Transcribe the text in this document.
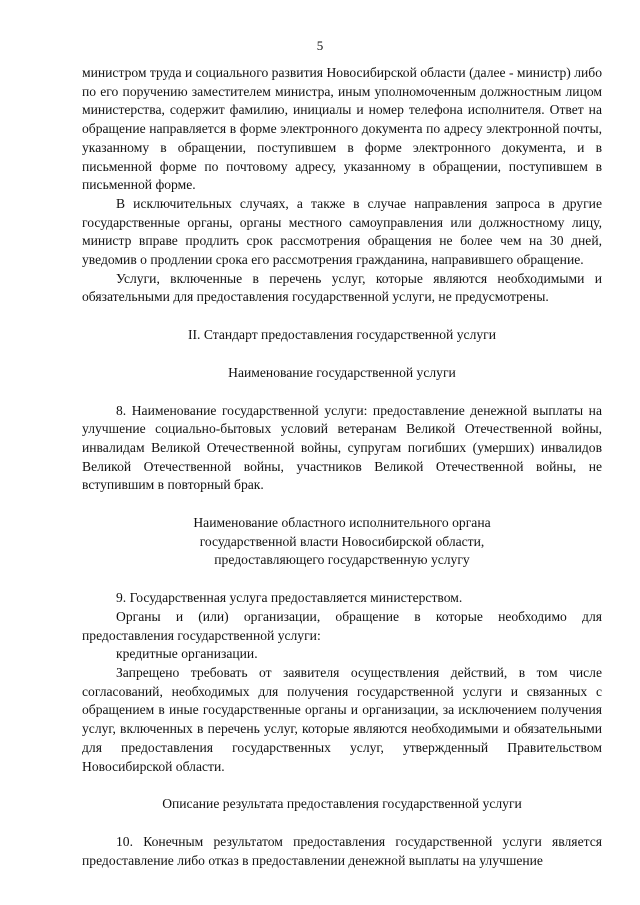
5

министром труда и социального развития Новосибирской области (далее - министр) либо по его поручению заместителем министра, иным уполномоченным должностным лицом министерства, содержит фамилию, инициалы и номер телефона исполнителя. Ответ на обращение направляется в форме электронного документа по адресу электронной почты, указанному в обращении, поступившем в форме электронного документа, и в письменной форме по почтовому адресу, указанному в обращении, поступившем в письменной форме.

В исключительных случаях, а также в случае направления запроса в другие государственные органы, органы местного самоуправления или должностному лицу, министр вправе продлить срок рассмотрения обращения не более чем на 30 дней, уведомив о продлении срока его рассмотрения гражданина, направившего обращение.

Услуги, включенные в перечень услуг, которые являются необходимыми и обязательными для предоставления государственной услуги, не предусмотрены.

II. Стандарт предоставления государственной услуги
Наименование государственной услуги

8. Наименование государственной услуги: предоставление денежной выплаты на улучшение социально-бытовых условий ветеранам Великой Отечественной войны, инвалидам Великой Отечественной войны, супругам погибших (умерших) инвалидов Великой Отечественной войны, участников Великой Отечественной войны, не вступившим в повторный брак.

Наименование областного исполнительного органа
государственной власти Новосибирской области,
предоставляющего государственную услугу

9. Государственная услуга предоставляется министерством.

Органы и (или) организации, обращение в которые необходимо для предоставления государственной услуги:

кредитные организации.

Запрещено требовать от заявителя осуществления действий, в том числе согласований, необходимых для получения государственной услуги и связанных с обращением в иные государственные органы и организации, за исключением получения услуг, включенных в перечень услуг, которые являются необходимыми и обязательными для предоставления государственных услуг, утвержденный Правительством Новосибирской области.

Описание результата предоставления государственной услуги

10. Конечным результатом предоставления государственной услуги является предоставление либо отказ в предоставлении денежной выплаты на улучшение
